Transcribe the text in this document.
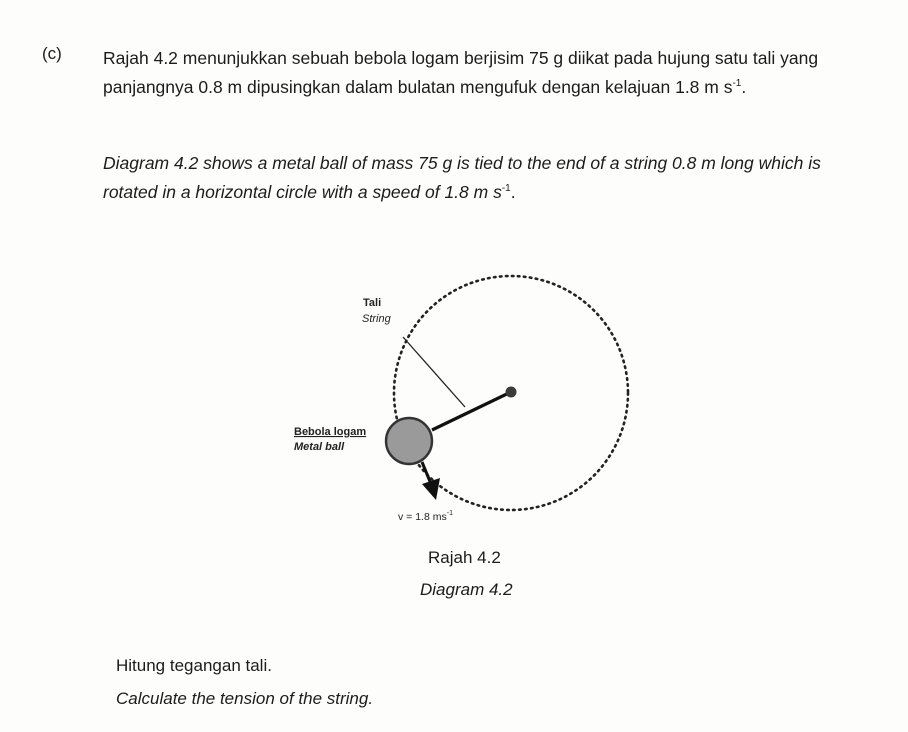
(c) Rajah 4.2 menunjukkan sebuah bebola logam berjisim 75 g diikat pada hujung satu tali yang panjangnya 0.8 m dipusingkan dalam bulatan mengufuk dengan kelajuan 1.8 m $s^{-1}$.
Diagram 4.2 shows a metal ball of mass 75 g is tied to the end of a string 0.8 m long which is rotated in a horizontal circle with a speed of 1.8 m $s^{-1}$.
Tali
String
Bebola logam
Metal ball
v = 1.8 $ms^{-1}$
Rajah 4.2
Diagram 4.2
Hitung tegangan tali.
Calculate the tension of the string.
